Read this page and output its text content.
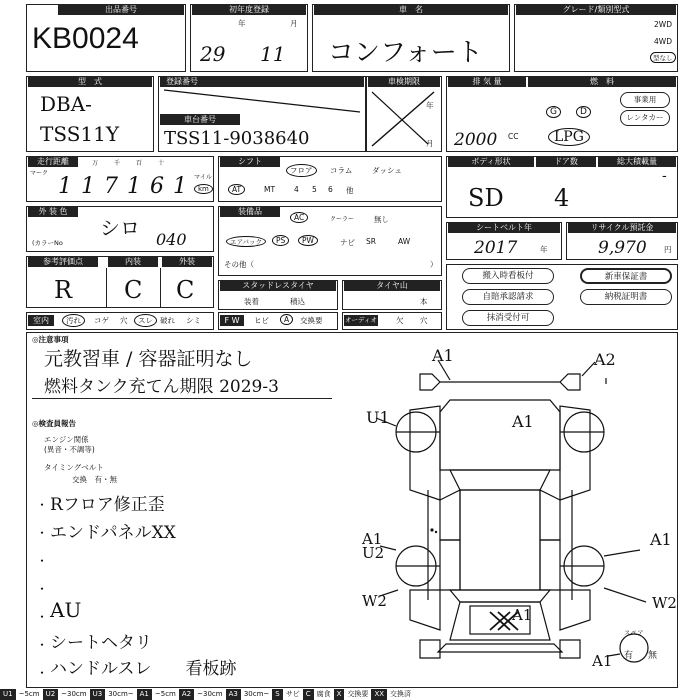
出品番号
KB0024
初年度登録
年	月
29 11
車　名
コンフォート
グレード/類別型式
2WD
4WD
型なし
型　式
DBA-
TSS11Y
登録番号
車台番号
TSS11-9038640
車検期限
年
月
排 気 量	燃　料
2000 CC
G	D
LPG
事業用
レンタカー
走行距離
マーク
万	千	百	十
マイル
117161 km
シフト
フロア	コラム	ダッシュ
AT	MT	4 5 6 他
ボディ形状	ドア数	総大積載量
SD 4
-
外 装 色
シロ
(カラーNo	040
装備品
AC	クーラー	無し
エアバック	PS	PW	ナビ SR	AW
その他（	）
シートベルト年
2017	年
リサイクル預託金
9,970 円
参考評価点	内装	外装
R C C	スタッドレスタイヤ
装着	積込
タイヤ山
本
搬入時看板付
自賠承認請求
抹消受付可
新車保証書
納税証明書
室内	汚れ	コゲ 穴	スレ 破れ シミ	F W	ヒビ	A	交換要	オーディオ	欠 穴
◎注意事項
元教習車 / 容器証明なし
燃料タンク充てん期限 2029-3
◎検査員報告
エンジン関係
(異音・不調等)
タイミングベルト
交換　有・無
・ Rフロア修正歪
・ エンドパネルXX
・
・
・ AU
・ シートヘタリ
・ ハンドルスレ　　看板跡
A1	A2
U1	A1
A1
U2
A1
W2	W2
A1
A1
スペア
有 無
U1 ~5cm U2 ~30cm U3 30cm~ A1 ~5cm A2 ~30cm A3 30cm~ S サビ C 腐食 X 交換要 XX 交換済
